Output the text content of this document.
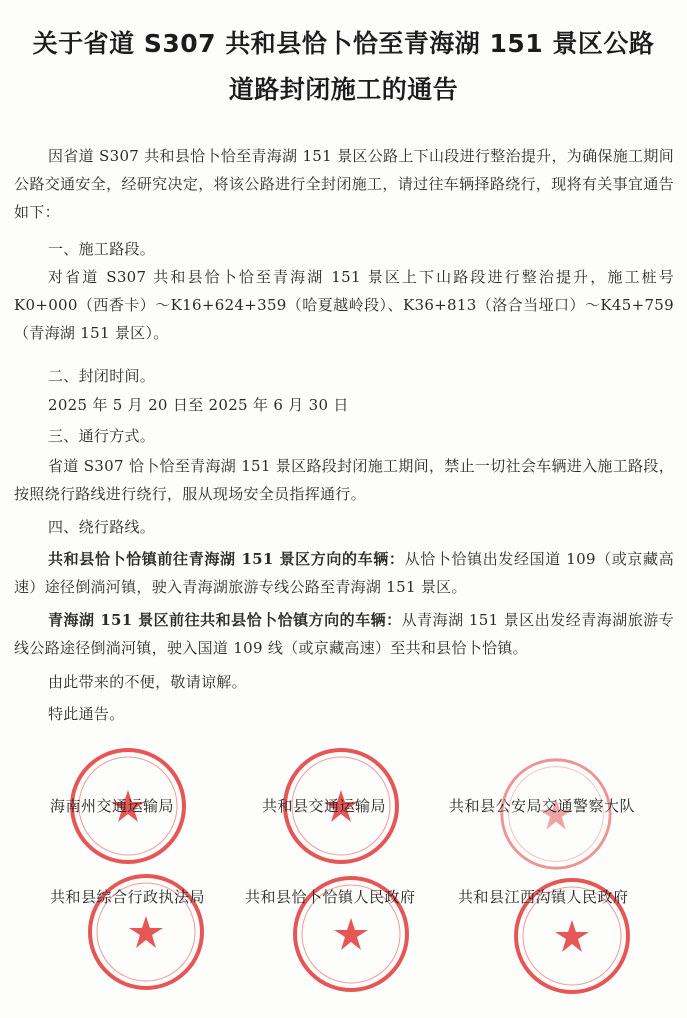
关于省道 S307 共和县恰卜恰至青海湖 151 景区公路
道路封闭施工的通告
因省道 S307 共和县恰卜恰至青海湖 151 景区公路上下山段进行整治提升，为确保施工期间公路交通安全，经研究决定，将该公路进行全封闭施工，请过往车辆择路绕行，现将有关事宜通告如下：
一、施工路段。
对省道 S307 共和县恰卜恰至青海湖 151 景区上下山路段进行整治提升，施工桩号 K0+000（西香卡）～K16+624+359（哈夏越岭段）、K36+813（洛合当垭口）～K45+759（青海湖 151 景区）。
二、封闭时间。
2025 年 5 月 20 日至 2025 年 6 月 30 日
三、通行方式。
省道 S307 恰卜恰至青海湖 151 景区路段封闭施工期间，禁止一切社会车辆进入施工路段，按照绕行路线进行绕行，服从现场安全员指挥通行。
四、绕行路线。
共和县恰卜恰镇前往青海湖 151 景区方向的车辆：从恰卜恰镇出发经国道 109（或京藏高速）途径倒淌河镇，驶入青海湖旅游专线公路至青海湖 151 景区。
青海湖 151 景区前往共和县恰卜恰镇方向的车辆：从青海湖 151 景区出发经青海湖旅游专线公路途径倒淌河镇，驶入国道 109 线（或京藏高速）至共和县恰卜恰镇。
由此带来的不便，敬请谅解。
特此通告。
海南州交通运输局	共和县交通运输局	共和县公安局交通警察大队
共和县综合行政执法局	共和县恰卜恰镇人民政府	共和县江西沟镇人民政府
